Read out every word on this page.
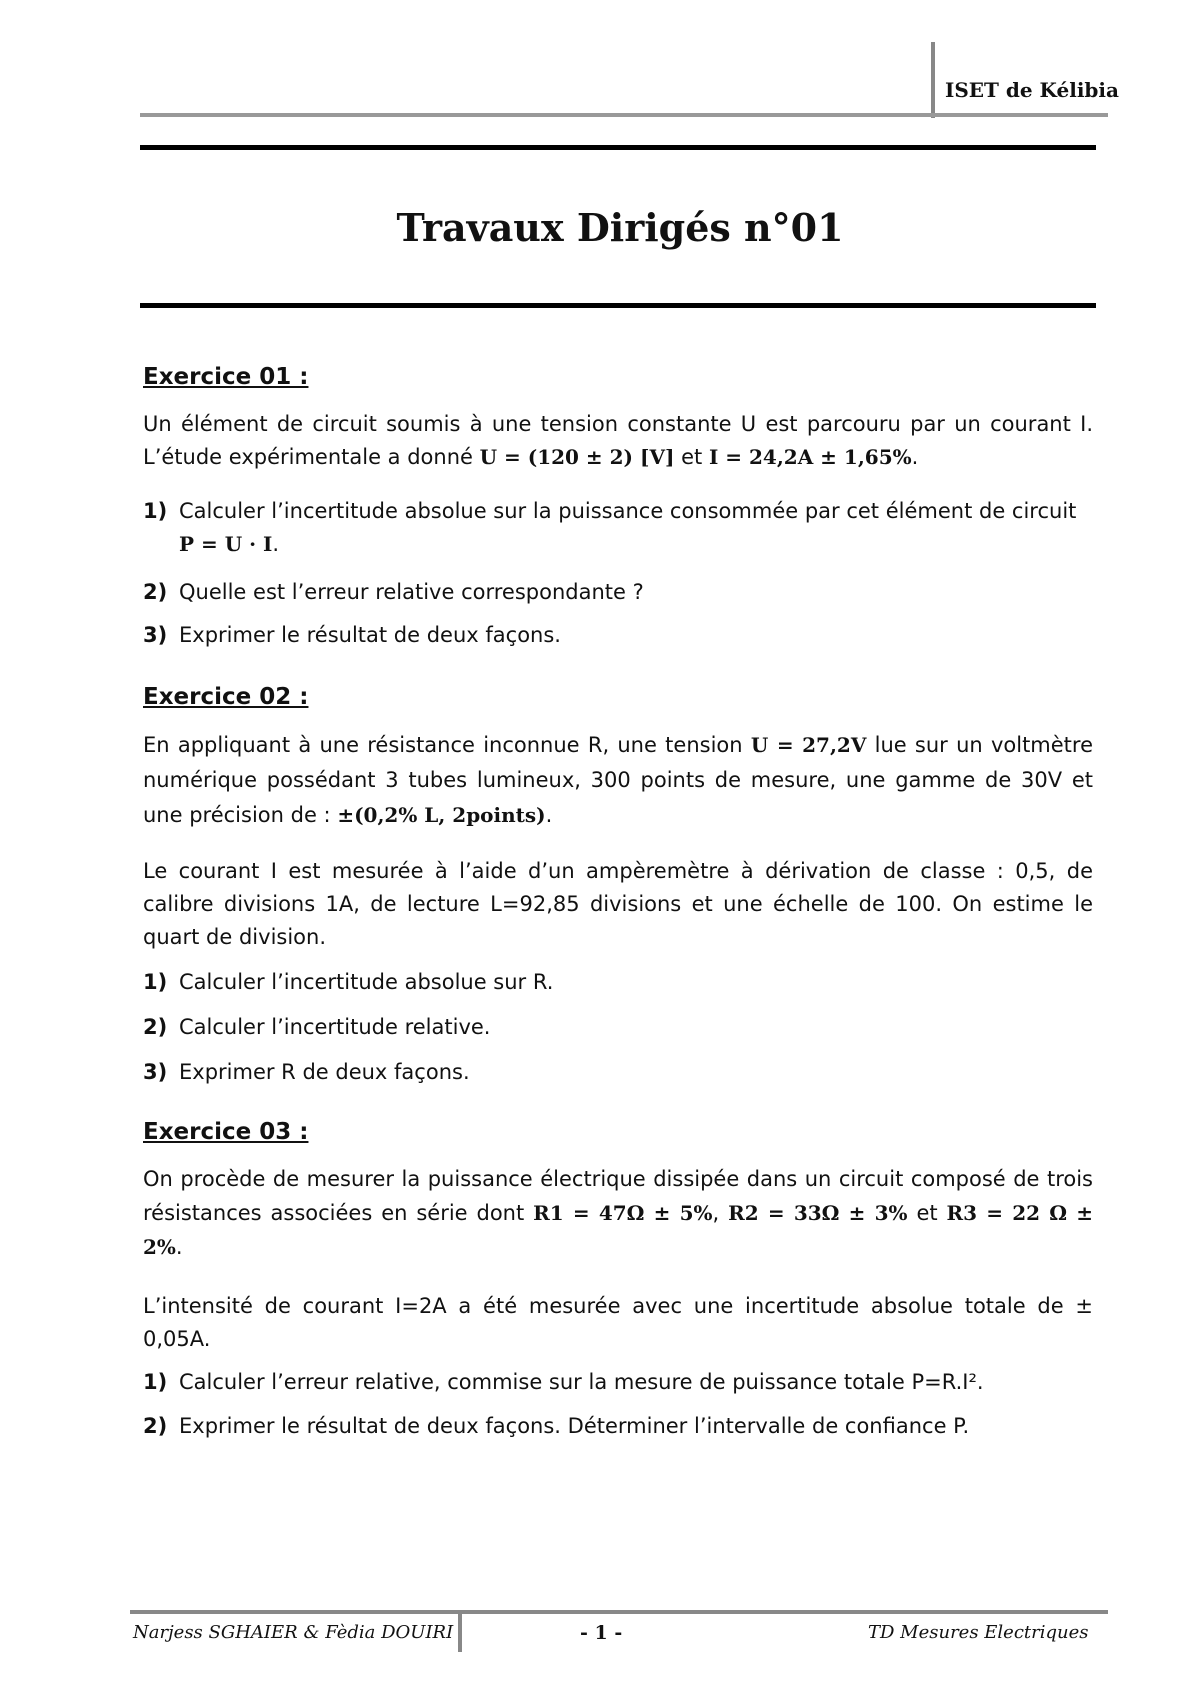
ISET de Kélibia
Travaux Dirigés n°01
Exercice 01 :
Un élément de circuit soumis à une tension constante U est parcouru par un courant I. L’étude expérimentale a donné U = (120 ± 2) [V] et I = 24,2A ± 1,65%.
1) Calculer l’incertitude absolue sur la puissance consommée par cet élément de circuit P = U · I.
2) Quelle est l’erreur relative correspondante ?
3) Exprimer le résultat de deux façons.
Exercice 02 :
En appliquant à une résistance inconnue R, une tension U = 27,2V lue sur un voltmètre numérique possédant 3 tubes lumineux, 300 points de mesure, une gamme de 30V et une précision de : ±(0,2% L, 2points).
Le courant I est mesurée à l’aide d’un ampèremètre à dérivation de classe : 0,5, de calibre divisions 1A, de lecture L=92,85 divisions et une échelle de 100. On estime le quart de division.
1) Calculer l’incertitude absolue sur R.
2) Calculer l’incertitude relative.
3) Exprimer R de deux façons.
Exercice 03 :
On procède de mesurer la puissance électrique dissipée dans un circuit composé de trois résistances associées en série dont R1 = 47Ω ± 5%, R2 = 33Ω ± 3% et R3 = 22 Ω ± 2%.
L’intensité de courant I=2A a été mesurée avec une incertitude absolue totale de ± 0,05A.
1) Calculer l’erreur relative, commise sur la mesure de puissance totale P=R.I².
2) Exprimer le résultat de deux façons. Déterminer l’intervalle de confiance P.
Narjess SGHAIER & Fèdia DOUIRI	- 1 -	TD Mesures Electriques
